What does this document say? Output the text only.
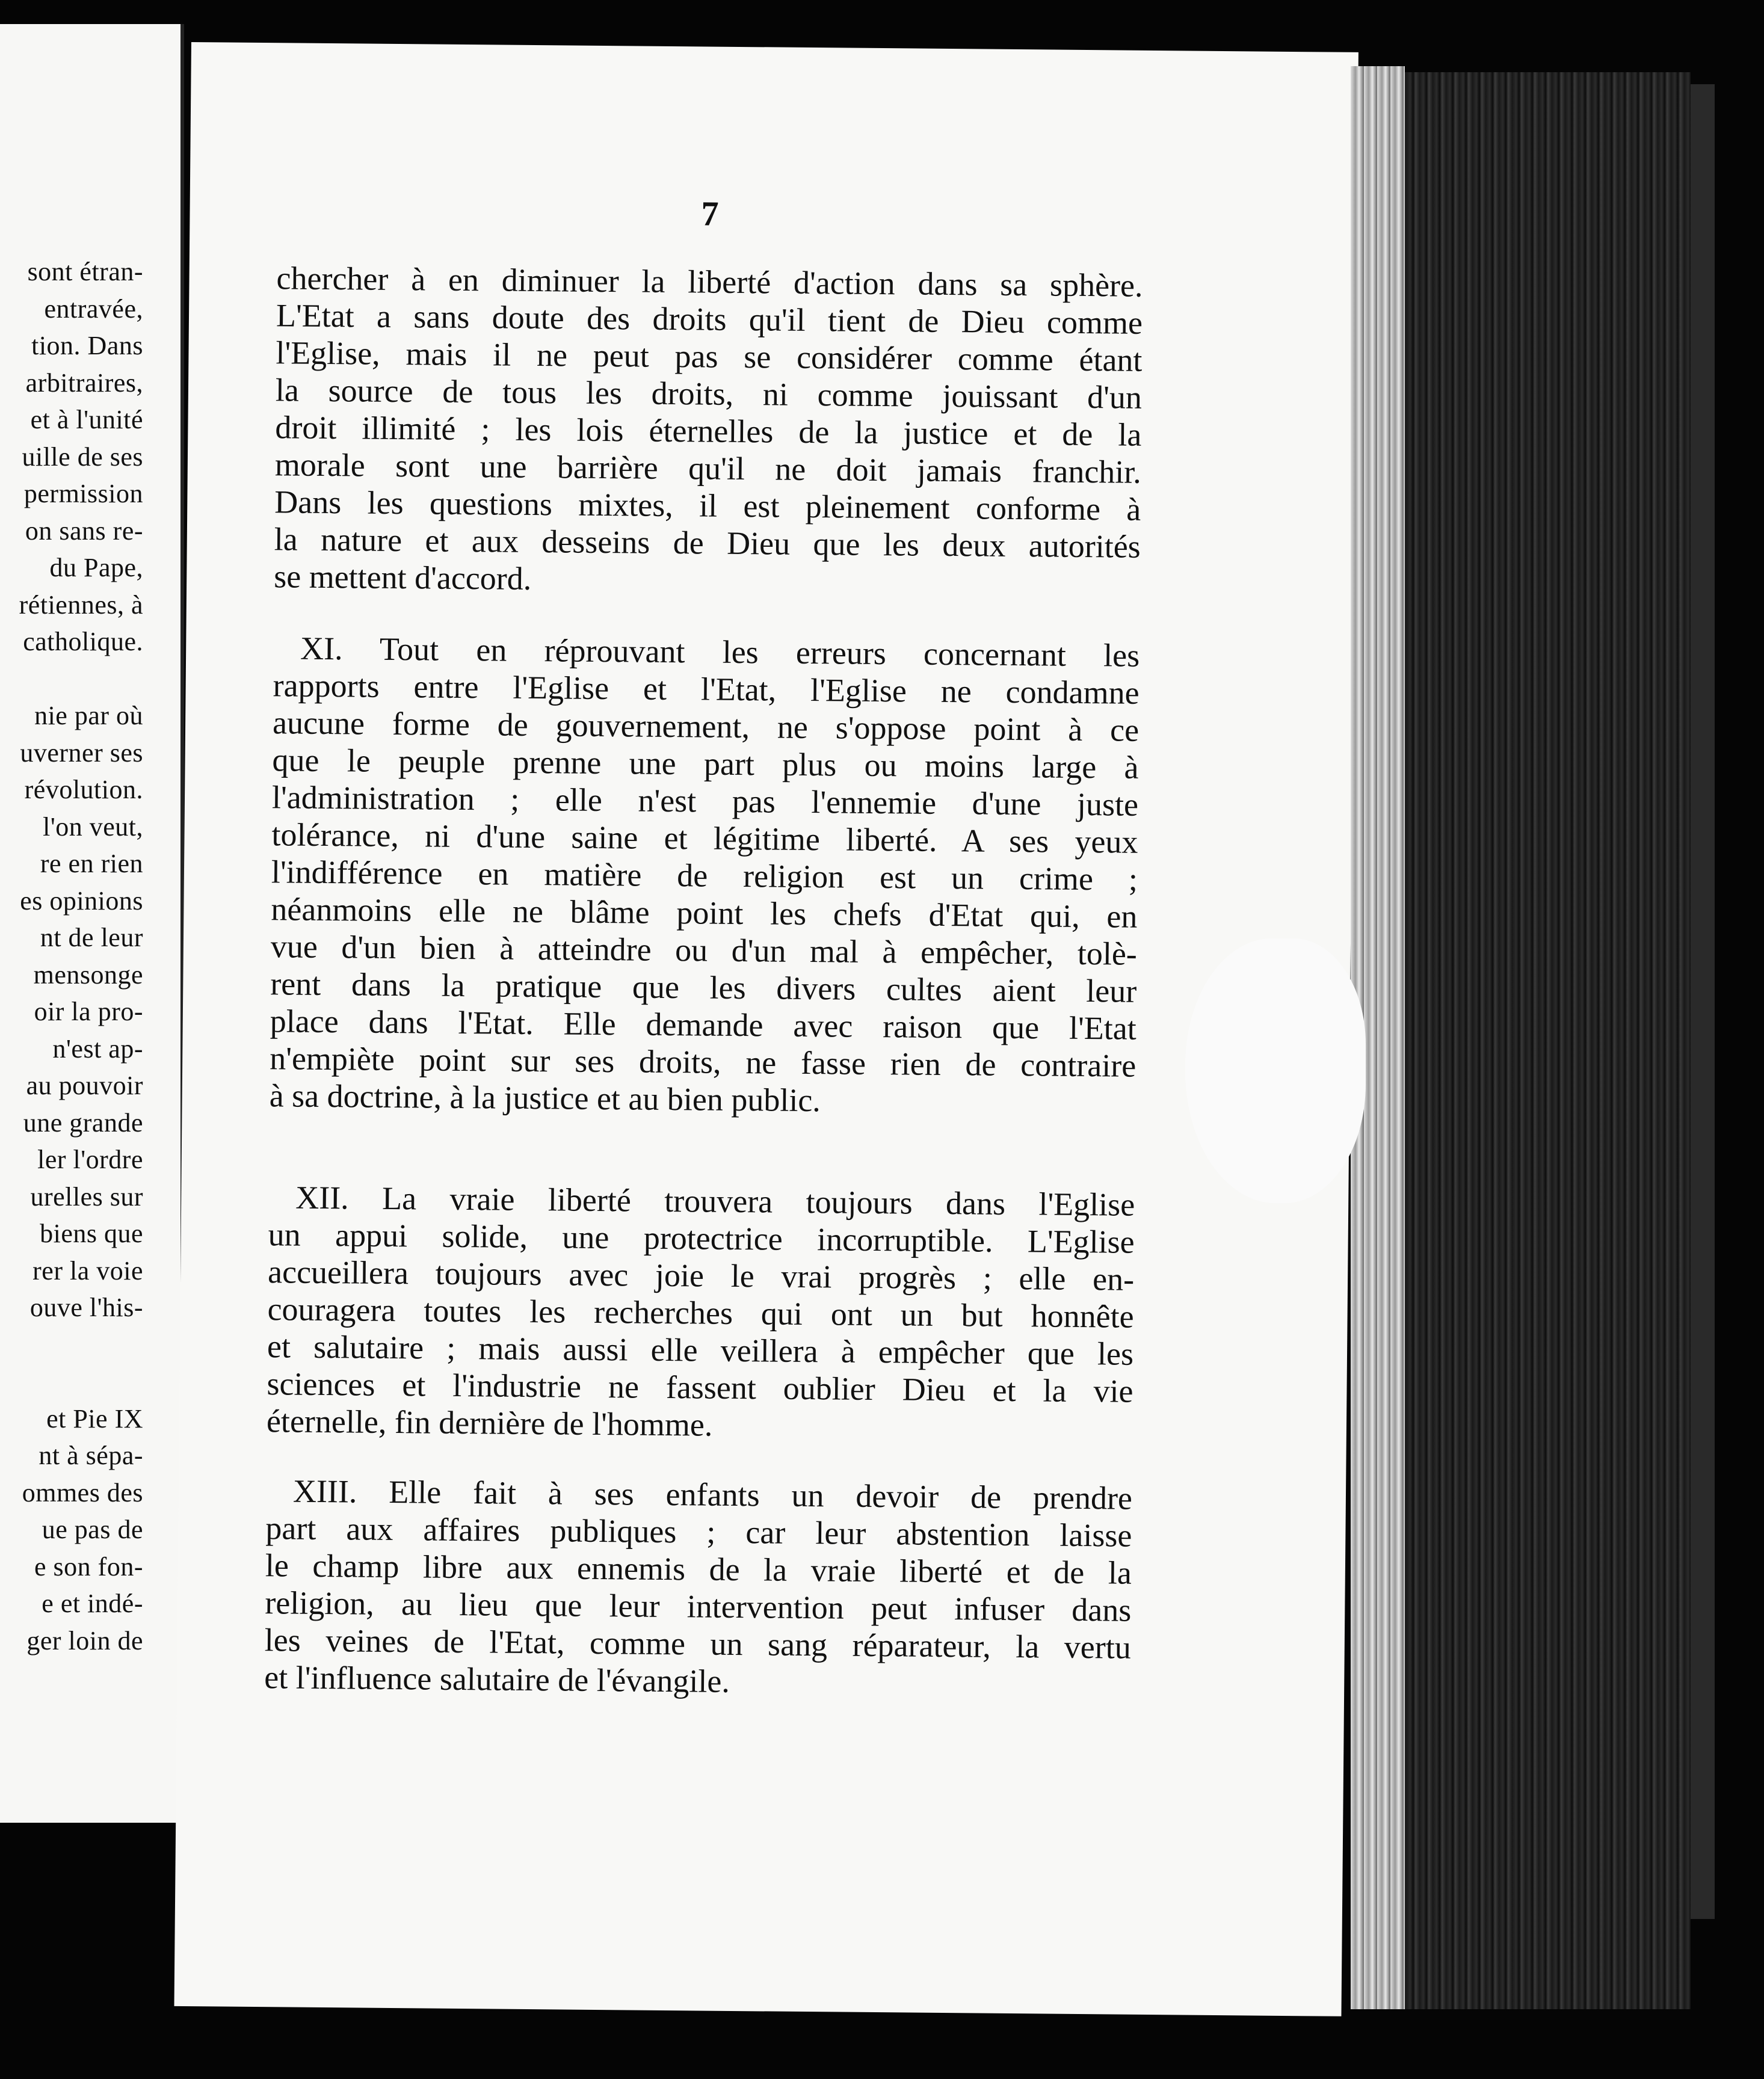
sont étran-
entravée,
tion. Dans
arbitraires,
et à l'unité
uille de ses
permission
on sans re-
du Pape,
rétiennes, à
catholique.
nie par où
uverner ses
révolution.
l'on veut,
re en rien
es opinions
nt de leur
mensonge
oir la pro-
n'est ap-
au pouvoir
une grande
ler l'ordre
urelles sur
biens que
rer la voie
ouve l'his-
et Pie IX
nt à sépa-
ommes des
ue pas de
e son fon-
e et indé-
ger loin de
7
chercher à en diminuer la liberté d'action dans sa sphère.
L'Etat a sans doute des droits qu'il tient de Dieu comme
l'Eglise, mais il ne peut pas se considérer comme étant
la source de tous les droits, ni comme jouissant d'un
droit illimité ; les lois éternelles de la justice et de la
morale sont une barrière qu'il ne doit jamais franchir.
Dans les questions mixtes, il est pleinement conforme à
la nature et aux desseins de Dieu que les deux autorités
se mettent d'accord.
XI. Tout en réprouvant les erreurs concernant les
rapports entre l'Eglise et l'Etat, l'Eglise ne condamne
aucune forme de gouvernement, ne s'oppose point à ce
que le peuple prenne une part plus ou moins large à
l'administration ; elle n'est pas l'ennemie d'une juste
tolérance, ni d'une saine et légitime liberté. A ses yeux
l'indifférence en matière de religion est un crime ;
néanmoins elle ne blâme point les chefs d'Etat qui, en
vue d'un bien à atteindre ou d'un mal à empêcher, tolè-
rent dans la pratique que les divers cultes aient leur
place dans l'Etat. Elle demande avec raison que l'Etat
n'empiète point sur ses droits, ne fasse rien de contraire
à sa doctrine, à la justice et au bien public.
XII. La vraie liberté trouvera toujours dans l'Eglise
un appui solide, une protectrice incorruptible. L'Eglise
accueillera toujours avec joie le vrai progrès ; elle en-
couragera toutes les recherches qui ont un but honnête
et salutaire ; mais aussi elle veillera à empêcher que les
sciences et l'industrie ne fassent oublier Dieu et la vie
éternelle, fin dernière de l'homme.
XIII. Elle fait à ses enfants un devoir de prendre
part aux affaires publiques ; car leur abstention laisse
le champ libre aux ennemis de la vraie liberté et de la
religion, au lieu que leur intervention peut infuser dans
les veines de l'Etat, comme un sang réparateur, la vertu
et l'influence salutaire de l'évangile.
